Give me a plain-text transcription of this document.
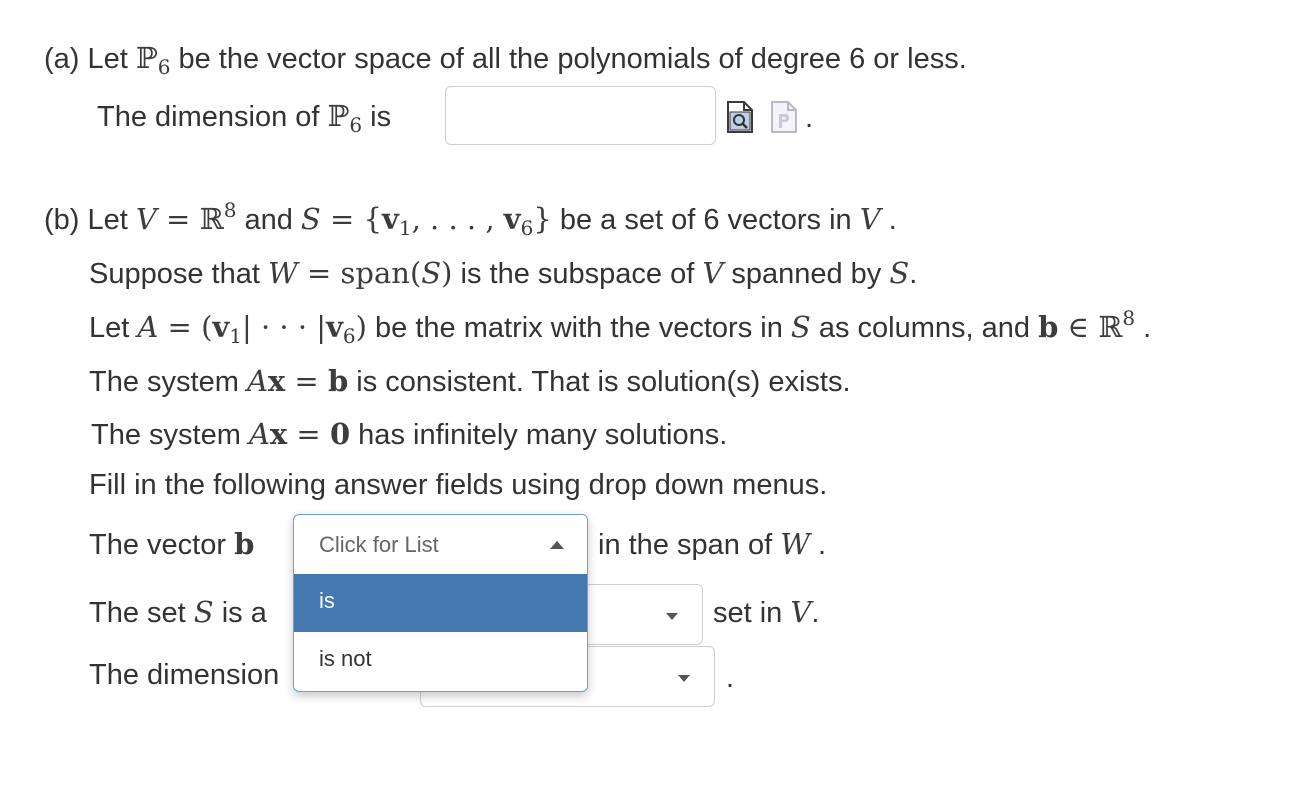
(a) Let ℙ$_6$ be the vector space of all the polynomials of degree 6 or less.
The dimension of ℙ$_6$ is	.
(b) Let V = ℝ$^8$ and $S = \{v_1$, . . . , $v_6$} be a set of 6 vectors in V .
Suppose that W = span(S) is the subspace of V spanned by S.
Let $A = (v_1|$ · · · $|v_6$) be the matrix with the vectors in S as columns, and b ∈ ℝ$^8$ .
The system Ax = b is consistent. That is solution(s) exists.
The system Ax = 0 has infinitely many solutions.
Fill in the following answer fields using drop down menus.
The vector b	in the span of W .
The set S is a	set in V.
The dimension	.
Click for List
is
is not
